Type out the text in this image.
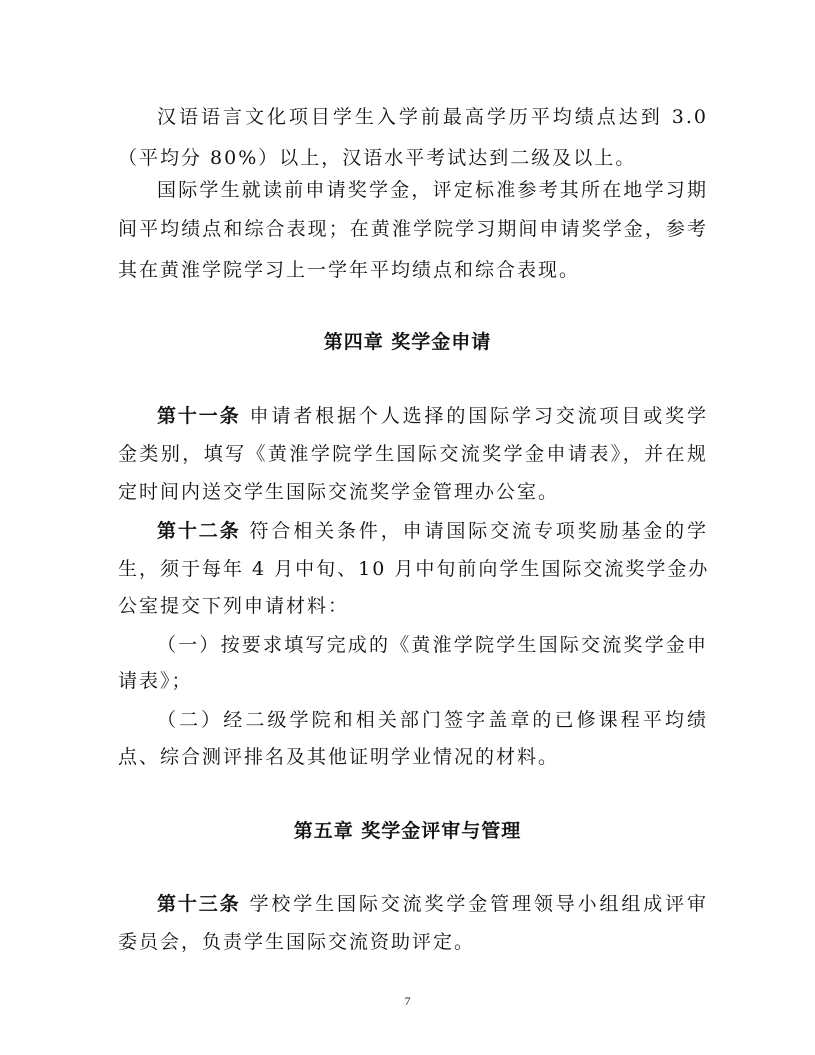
汉语语言文化项目学生入学前最高学历平均绩点达到 3.0
（平均分 80%）以上，汉语水平考试达到二级及以上。
国际学生就读前申请奖学金，评定标准参考其所在地学习期
间平均绩点和综合表现；在黄淮学院学习期间申请奖学金，参考
其在黄淮学院学习上一学年平均绩点和综合表现。
第四章 奖学金申请
第十一条 申请者根据个人选择的国际学习交流项目或奖学
金类别，填写《黄淮学院学生国际交流奖学金申请表》，并在规
定时间内送交学生国际交流奖学金管理办公室。
第十二条 符合相关条件，申请国际交流专项奖励基金的学
生，须于每年 4 月中旬、10 月中旬前向学生国际交流奖学金办
公室提交下列申请材料：
（一）按要求填写完成的《黄淮学院学生国际交流奖学金申
请表》；
（二）经二级学院和相关部门签字盖章的已修课程平均绩
点、综合测评排名及其他证明学业情况的材料。
第五章 奖学金评审与管理
第十三条 学校学生国际交流奖学金管理领导小组组成评审
委员会，负责学生国际交流资助评定。
7
